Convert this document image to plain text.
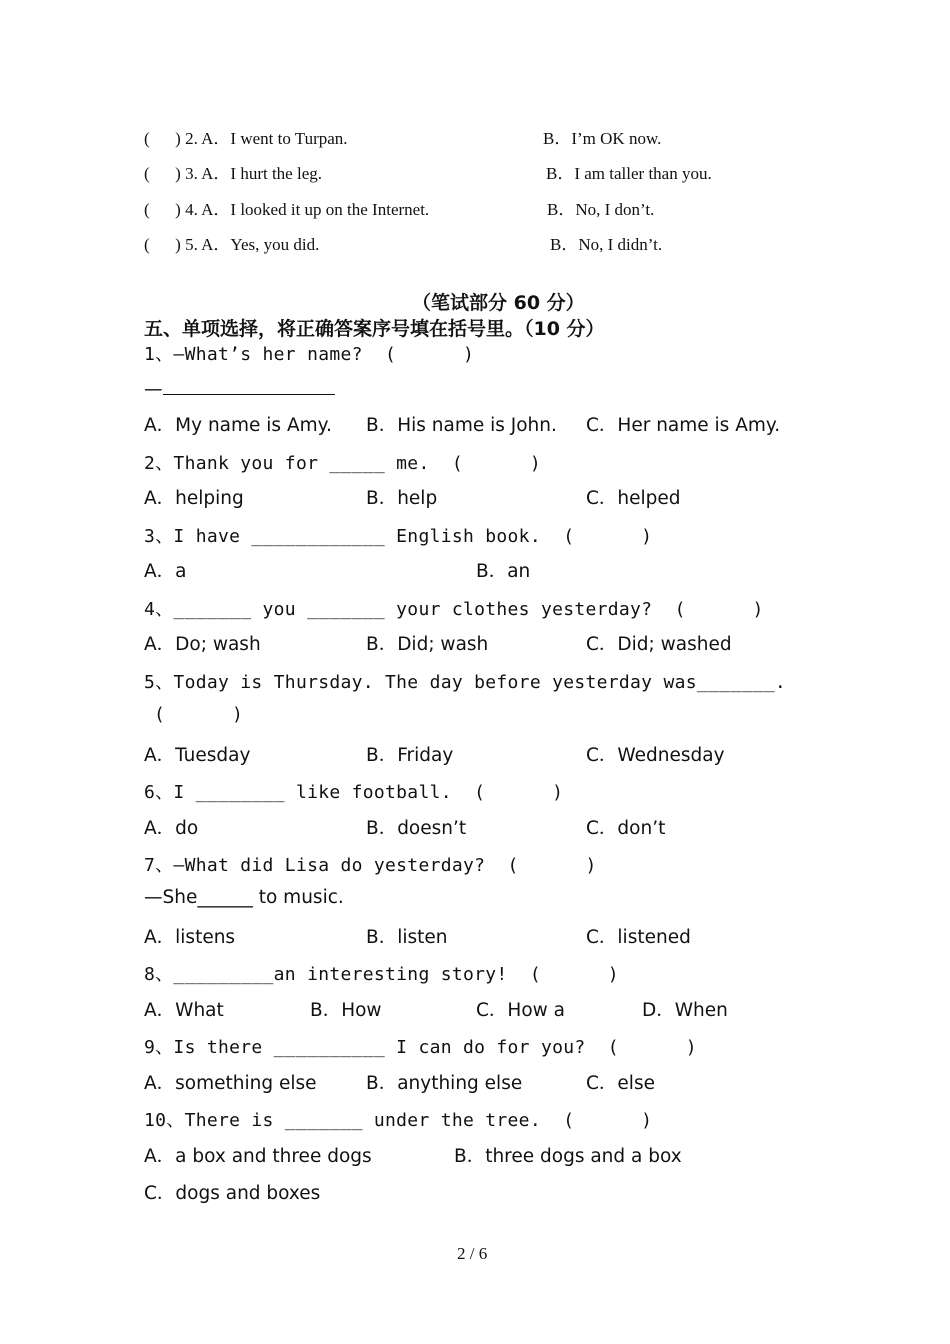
(      ) 2. A．I went to Turpan.	B．I’m OK now.
(      ) 3. A．I hurt the leg.	B．I am taller than you.
(      ) 4. A．I looked it up on the Internet.	B．No, I don’t.
(      ) 5. A．Yes, you did.	B．No, I didn’t.
（笔试部分 60 分）
五、单项选择，将正确答案序号填在括号里。（10 分）
1、—What’s her name?  (      )
—
A．My name is Amy. B．His name is John. C．Her name is Amy.
2、Thank you for _____ me.  (      )
A．helping	B．help	C．helped
3、I have ____________ English book.  (      )
A．a	B．an
4、_______ you _______ your clothes yesterday?  (      )
A．Do; wash	B．Did; wash	C．Did; washed
5、Today is Thursday. The day before yesterday was_______.
(      )
A．Tuesday	B．Friday	C．Wednesday
6、I ________ like football.  (      )
A．do	B．doesn’t	C．don’t
7、—What did Lisa do yesterday?  (      )
—She______ to music.
A．listens	B．listen	C．listened
8、_________an interesting story!  (      )
A．What	B．How	C．How a	D．When
9、Is there __________ I can do for you?  (      )
A．something else	B．anything else	C．else
10、There is _______ under the tree.  (      )
A．a box and three dogs	B．three dogs and a box
C．dogs and boxes
2 / 6
